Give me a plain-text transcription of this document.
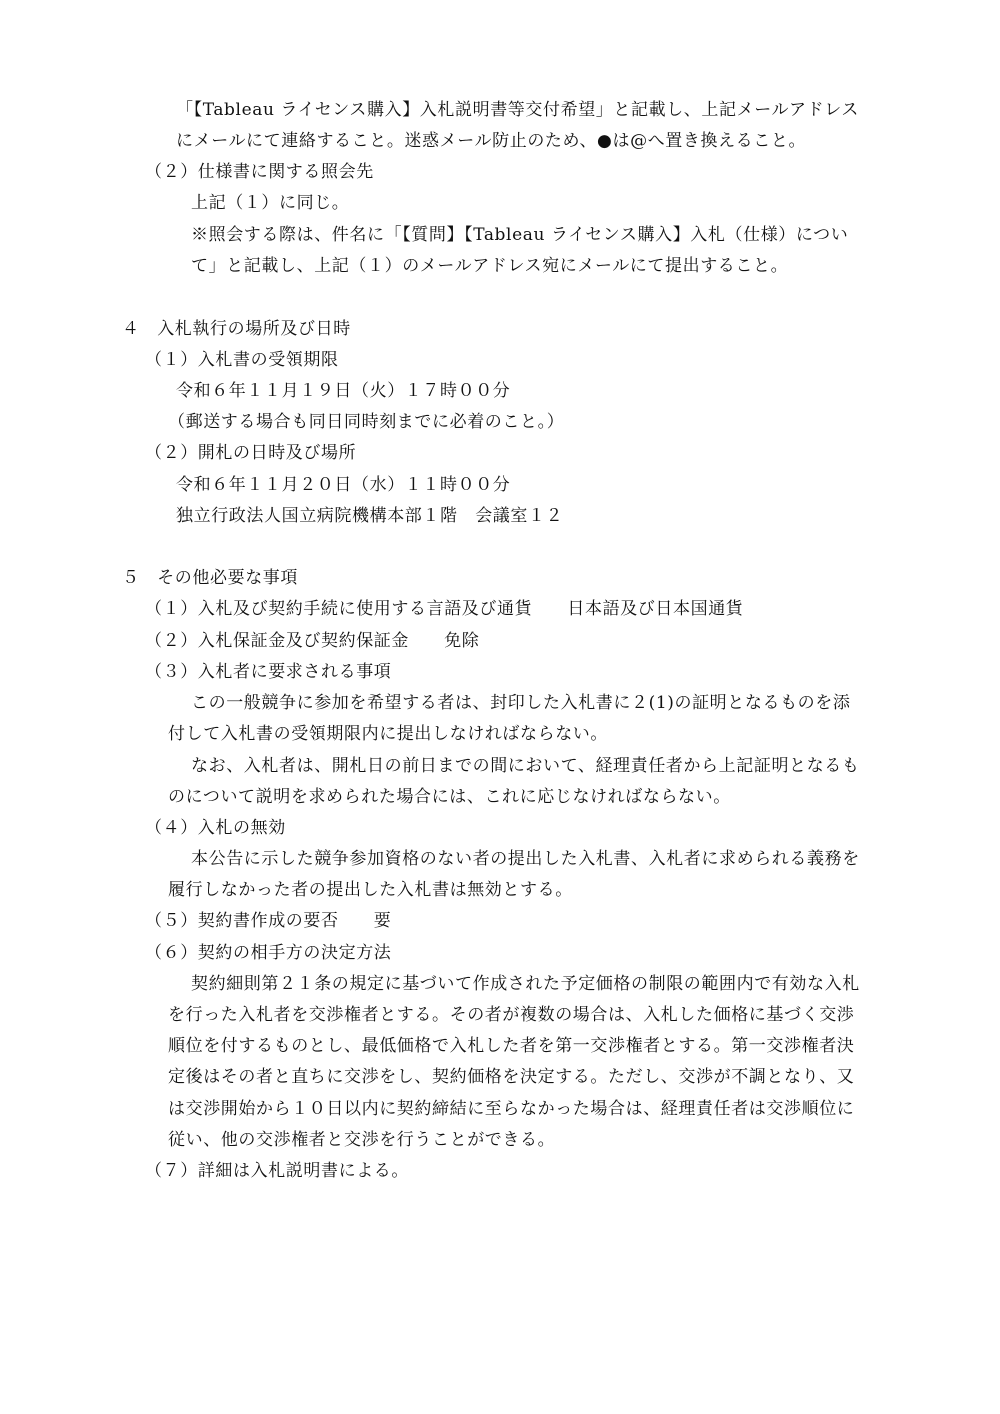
「【Tableau ライセンス購入】入札説明書等交付希望」と記載し、上記メールアドレス
にメールにて連絡すること。迷惑メール防止のため、●は@へ置き換えること。
（２）仕様書に関する照会先
上記（１）に同じ。
※照会する際は、件名に「【質問】【Tableau ライセンス購入】入札（仕様）につい
て」と記載し、上記（１）のメールアドレス宛にメールにて提出すること。
４　入札執行の場所及び日時
（１）入札書の受領期限
令和６年１１月１９日（火）１７時００分
（郵送する場合も同日同時刻までに必着のこと。）
（２）開札の日時及び場所
令和６年１１月２０日（水）１１時００分
独立行政法人国立病院機構本部１階　会議室１２
５　その他必要な事項
（１）入札及び契約手続に使用する言語及び通貨　　日本語及び日本国通貨
（２）入札保証金及び契約保証金　　免除
（３）入札者に要求される事項
この一般競争に参加を希望する者は、封印した入札書に２(1)の証明となるものを添
付して入札書の受領期限内に提出しなければならない。
なお、入札者は、開札日の前日までの間において、経理責任者から上記証明となるも
のについて説明を求められた場合には、これに応じなければならない。
（４）入札の無効
本公告に示した競争参加資格のない者の提出した入札書、入札者に求められる義務を
履行しなかった者の提出した入札書は無効とする。
（５）契約書作成の要否　　要
（６）契約の相手方の決定方法
契約細則第２１条の規定に基づいて作成された予定価格の制限の範囲内で有効な入札
を行った入札者を交渉権者とする。その者が複数の場合は、入札した価格に基づく交渉
順位を付するものとし、最低価格で入札した者を第一交渉権者とする。第一交渉権者決
定後はその者と直ちに交渉をし、契約価格を決定する。ただし、交渉が不調となり、又
は交渉開始から１０日以内に契約締結に至らなかった場合は、経理責任者は交渉順位に
従い、他の交渉権者と交渉を行うことができる。
（７）詳細は入札説明書による。
